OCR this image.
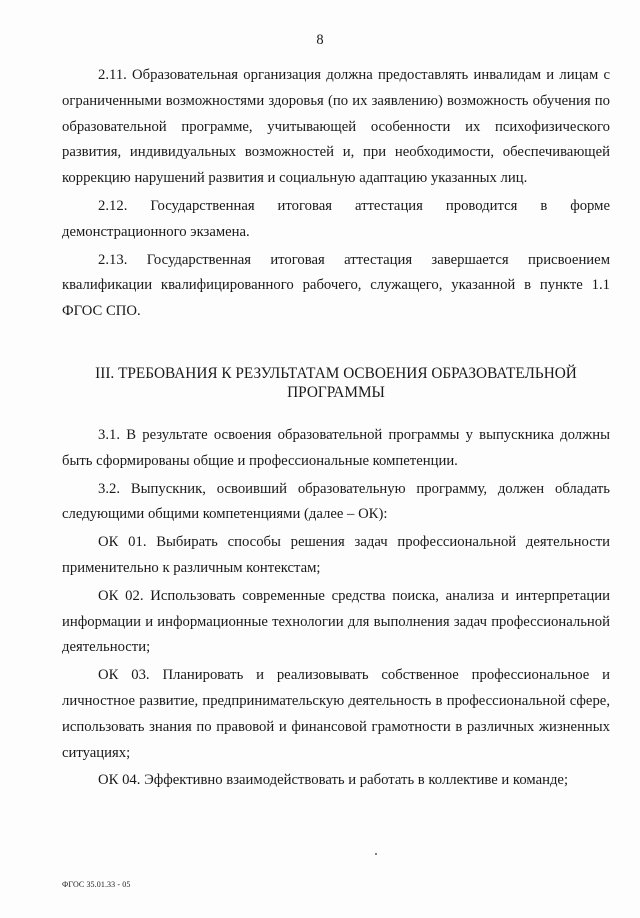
8

2.11. Образовательная организация должна предоставлять инвалидам и лицам с ограниченными возможностями здоровья (по их заявлению) возможность обучения по образовательной программе, учитывающей особенности их психофизического развития, индивидуальных возможностей и, при необходимости, обеспечивающей коррекцию нарушений развития и социальную адаптацию указанных лиц.

2.12. Государственная итоговая аттестация проводится в форме демонстрационного экзамена.

2.13. Государственная итоговая аттестация завершается присвоением квалификации квалифицированного рабочего, служащего, указанной в пункте 1.1 ФГОС СПО.

III. ТРЕБОВАНИЯ К РЕЗУЛЬТАТАМ ОСВОЕНИЯ ОБРАЗОВАТЕЛЬНОЙ ПРОГРАММЫ

3.1. В результате освоения образовательной программы у выпускника должны быть сформированы общие и профессиональные компетенции.

3.2. Выпускник, освоивший образовательную программу, должен обладать следующими общими компетенциями (далее – ОК):

ОК 01. Выбирать способы решения задач профессиональной деятельности применительно к различным контекстам;

ОК 02. Использовать современные средства поиска, анализа и интерпретации информации и информационные технологии для выполнения задач профессиональной деятельности;

ОК 03. Планировать и реализовывать собственное профессиональное и личностное развитие, предпринимательскую деятельность в профессиональной сфере, использовать знания по правовой и финансовой грамотности в различных жизненных ситуациях;

ОК 04. Эффективно взаимодействовать и работать в коллективе и команде;

ФГОС 35.01.33 - 05
